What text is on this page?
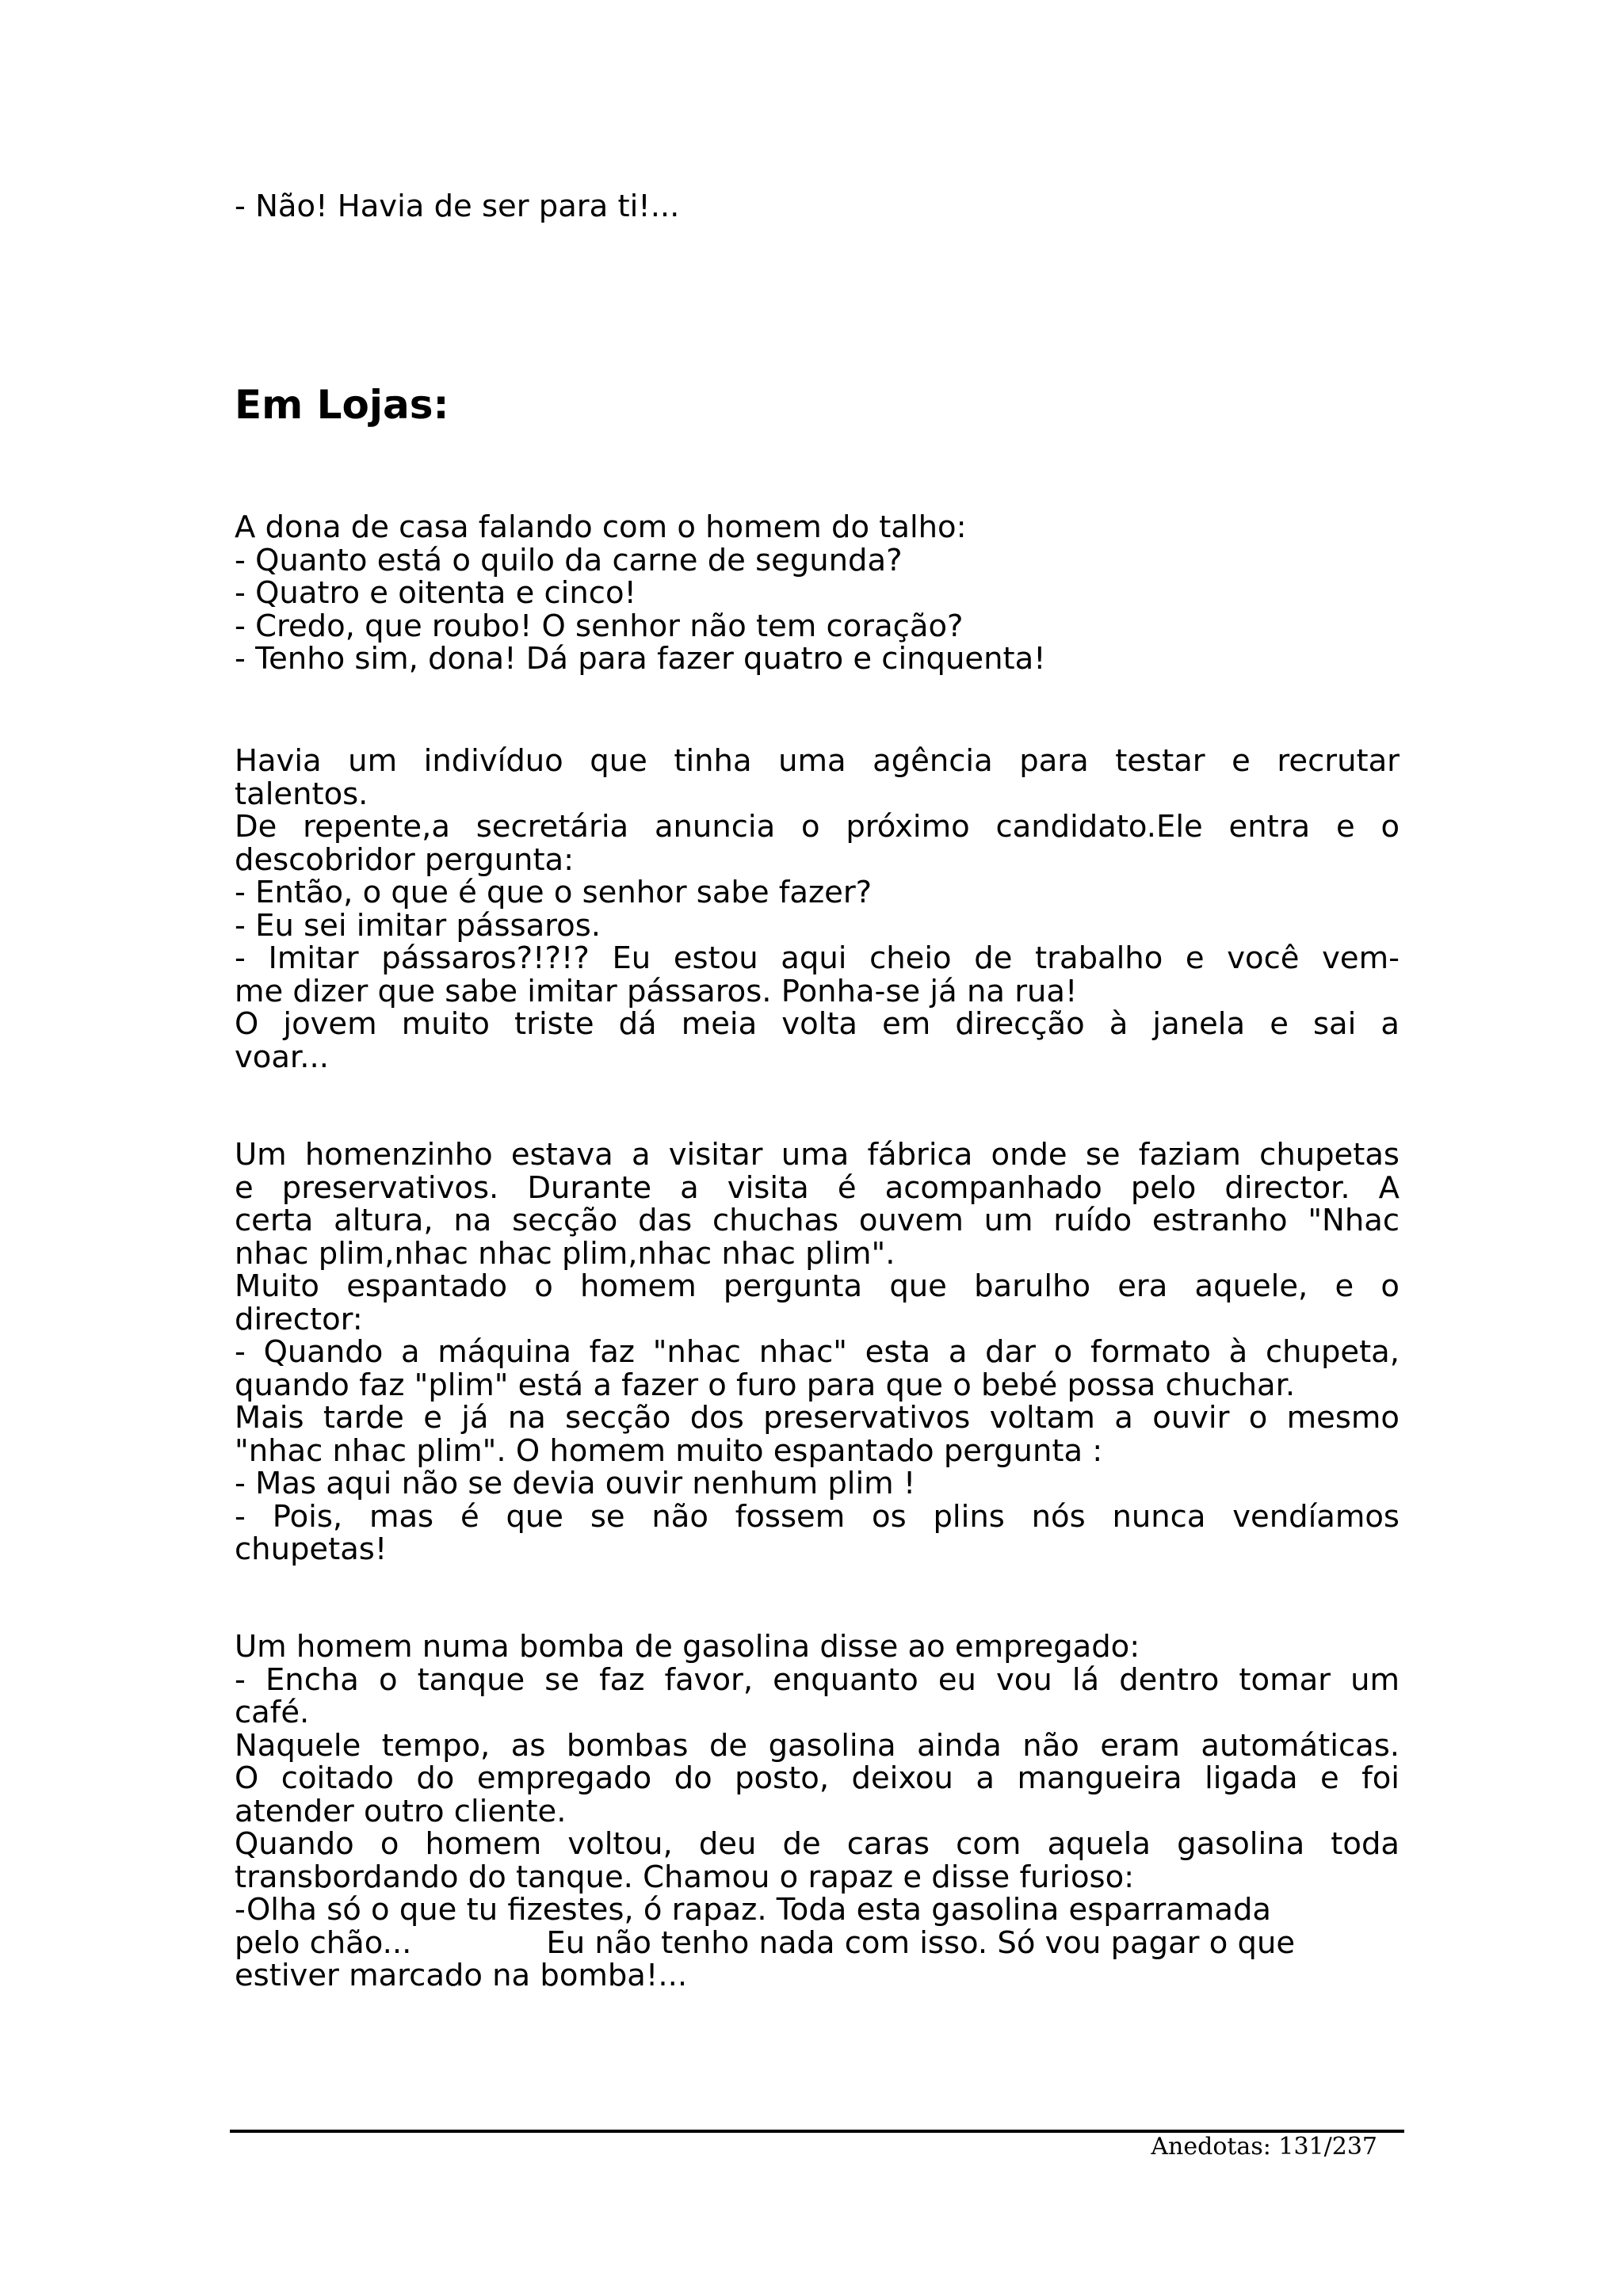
- Não! Havia de ser para ti!...

Em Lojas:
A dona de casa falando com o homem do talho:
- Quanto está o quilo da carne de segunda?
- Quatro e oitenta e cinco!
- Credo, que roubo! O senhor não tem coração?
- Tenho sim, dona! Dá para fazer quatro e cinquenta!
Havia um indivíduo que tinha uma agência para testar e recrutar
talentos.
De repente,a secretária anuncia o próximo candidato.Ele entra e o
descobridor pergunta:
- Então, o que é que o senhor sabe fazer?
- Eu sei imitar pássaros.
- Imitar pássaros?!?!? Eu estou aqui cheio de trabalho e você vem-
me dizer que sabe imitar pássaros. Ponha-se já na rua!
O jovem muito triste dá meia volta em direcção à janela e sai a
voar...
Um homenzinho estava a visitar uma fábrica onde se faziam chupetas
e preservativos. Durante a visita é acompanhado pelo director. A
certa altura, na secção das chuchas ouvem um ruído estranho "Nhac
nhac plim,nhac nhac plim,nhac nhac plim".
Muito espantado o homem pergunta que barulho era aquele, e o
director:
- Quando a máquina faz "nhac nhac" esta a dar o formato à chupeta,
quando faz "plim" está a fazer o furo para que o bebé possa chuchar.
Mais tarde e já na secção dos preservativos voltam a ouvir o mesmo
"nhac nhac plim". O homem muito espantado pergunta :
- Mas aqui não se devia ouvir nenhum plim !
- Pois, mas é que se não fossem os plins nós nunca vendíamos
chupetas!
Um homem numa bomba de gasolina disse ao empregado:
- Encha o tanque se faz favor, enquanto eu vou lá dentro tomar um
café.
Naquele tempo, as bombas de gasolina ainda não eram automáticas.
O coitado do empregado do posto, deixou a mangueira ligada e foi
atender outro cliente.
Quando o homem voltou, deu de caras com aquela gasolina toda
transbordando do tanque. Chamou o rapaz e disse furioso:
-Olha só o que tu fizestes, ó rapaz. Toda esta gasolina esparramada
pelo chão...	Eu não tenho nada com isso. Só vou pagar o que
estiver marcado na bomba!...
Anedotas: 131/237
